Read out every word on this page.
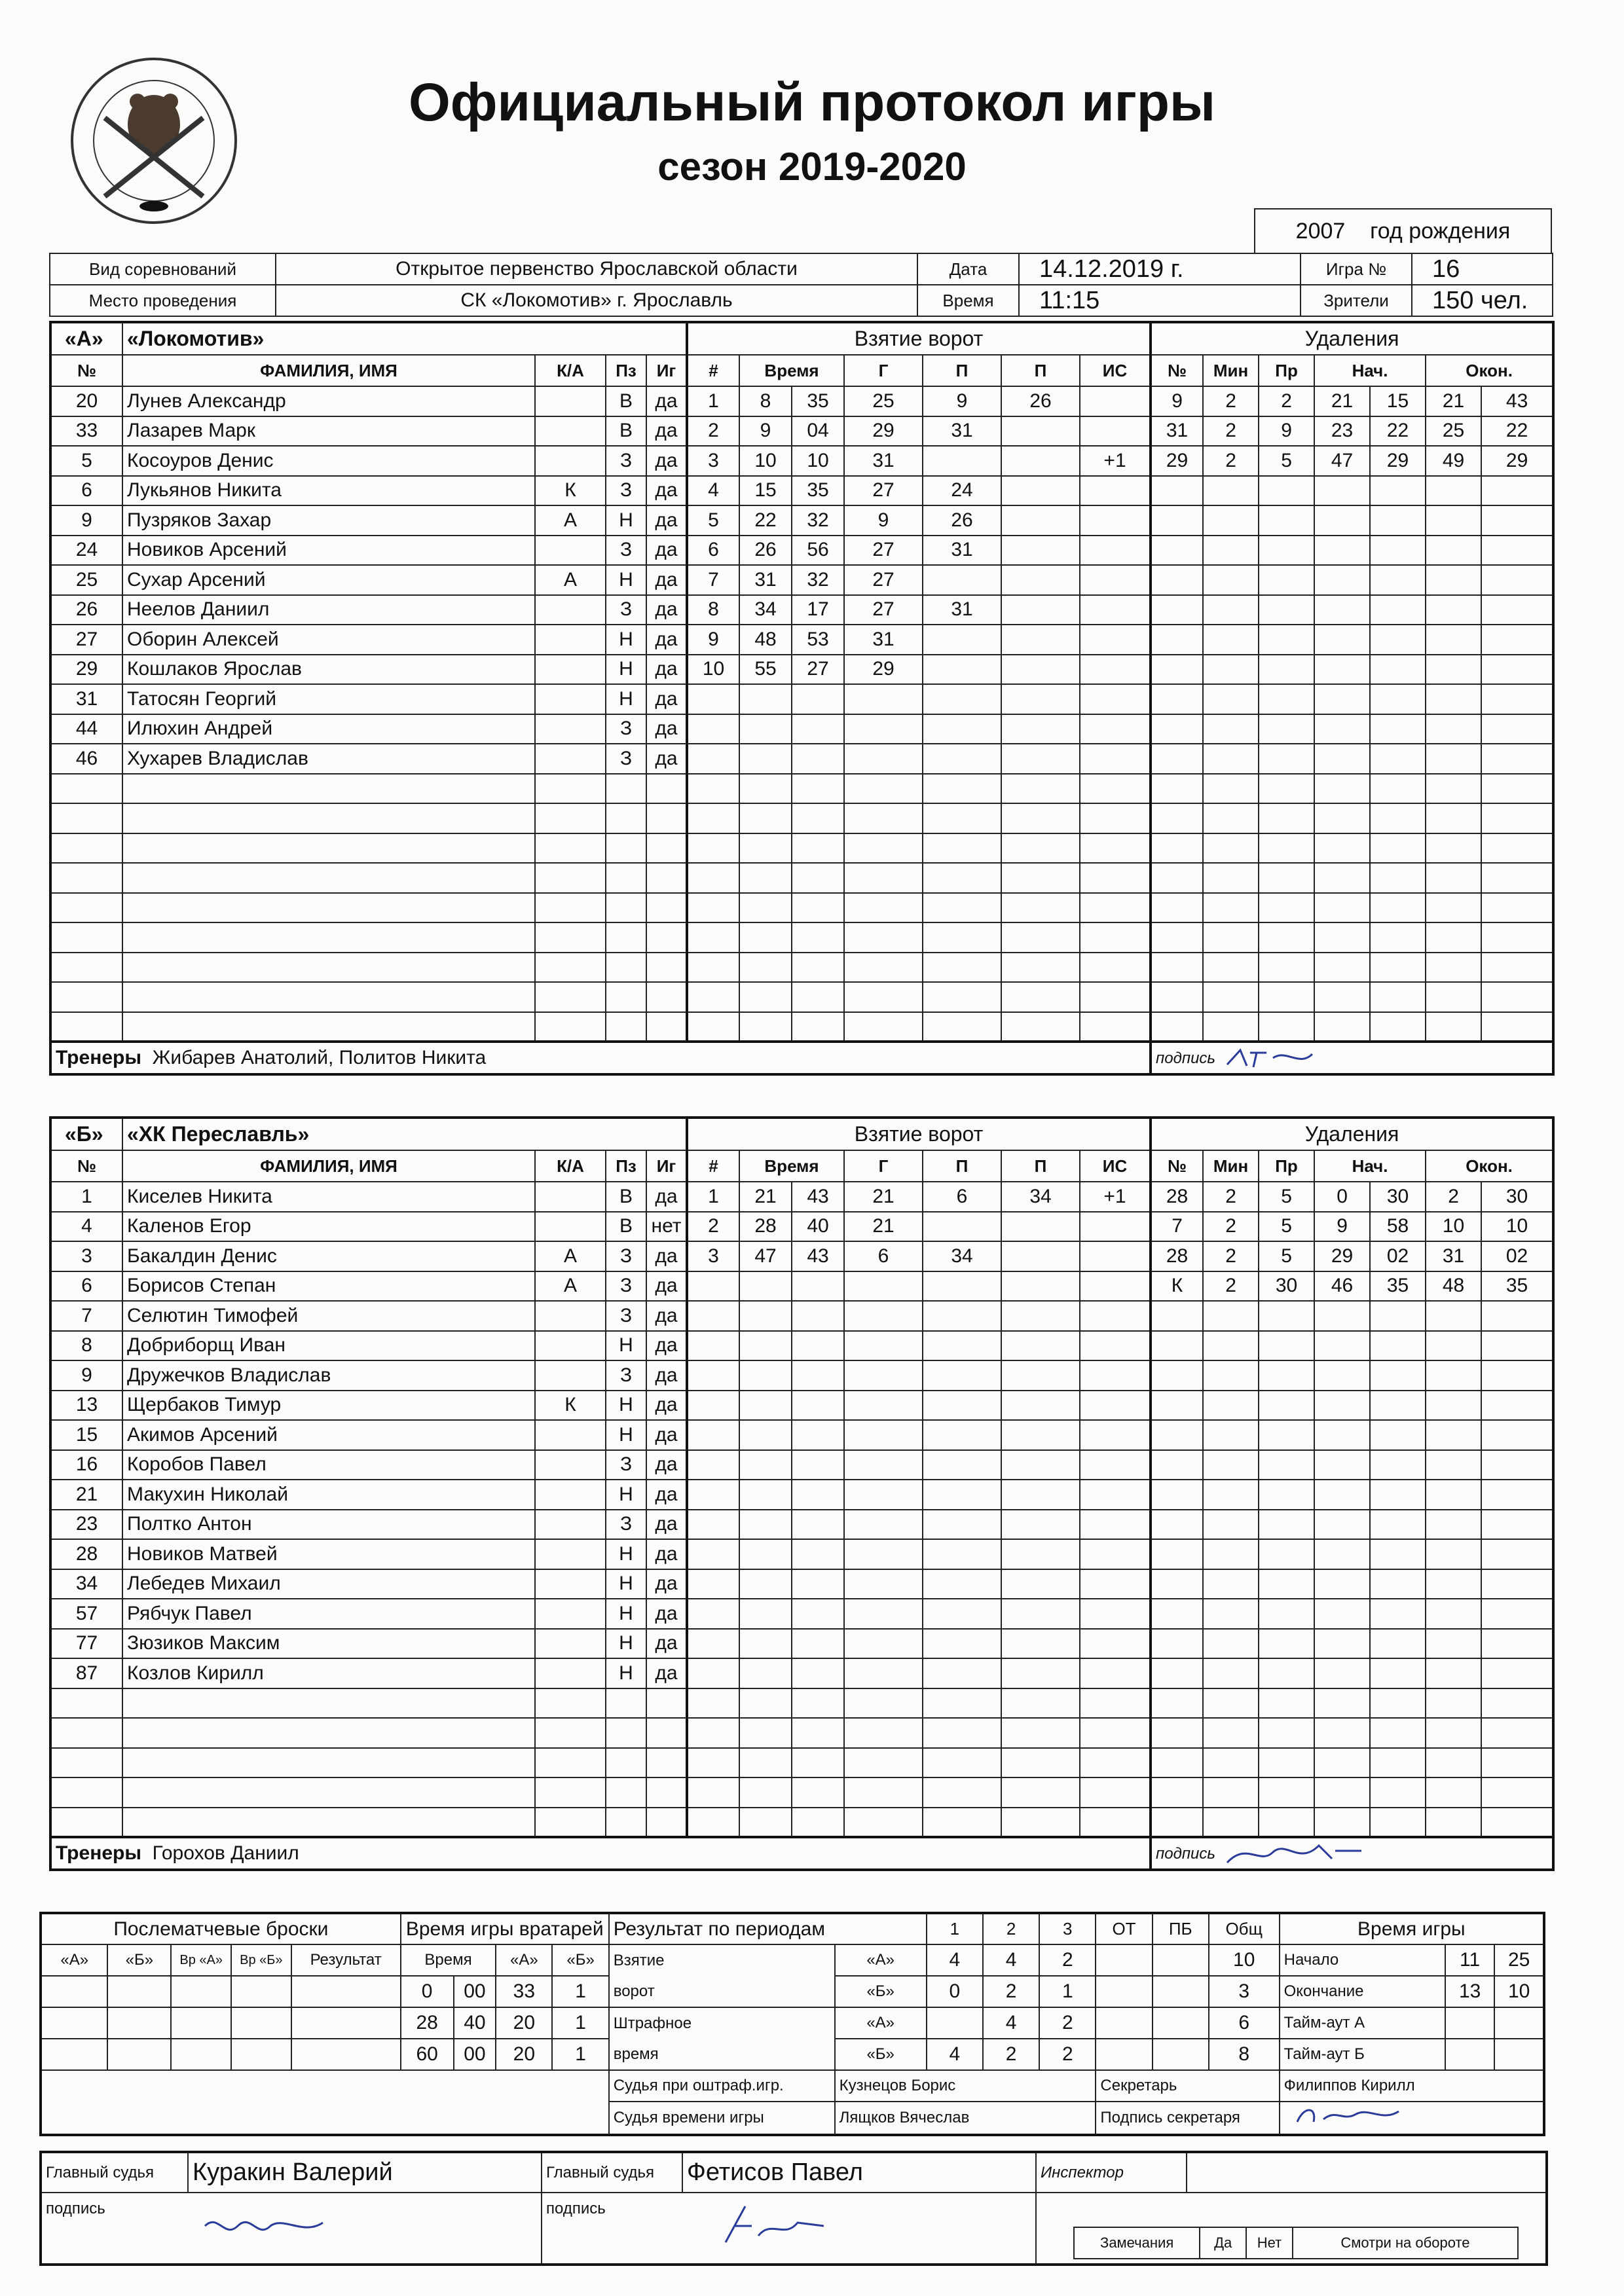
Официальный протокол игры
сезон 2019-2020
2007 год рождения
Вид соревнований	Открытое первенство Ярославской области	Дата	14.12.2019 г.	Игра №	16
Место проведения	СК «Локомотив» г. Ярославль	Время	11:15	Зрители	150 чел.
«А»	«Локомотив»				Взятие ворот							Удаления						
№	ФАМИЛИЯ, ИМЯ	К/А	Пз	Иг	#	Время		Г	П	П	ИС	№	Мин	Пр	Нач.		Окон.	
20	Лунев Александр		В	да	1	8	35	25	9	26		9	2	2	21	15	21	43
33	Лазарев Марк		В	да	2	9	04	29	31			31	2	9	23	22	25	22
5	Косоуров Денис		З	да	3	10	10	31			+1	29	2	5	47	29	49	29
6	Лукьянов Никита	К	З	да	4	15	35	27	24									
9	Пузряков Захар	А	Н	да	5	22	32	9	26									
24	Новиков Арсений		З	да	6	26	56	27	31									
25	Сухар Арсений	А	Н	да	7	31	32	27										
26	Неелов Даниил		З	да	8	34	17	27	31									
27	Оборин Алексей		Н	да	9	48	53	31										
29	Кошлаков Ярослав		Н	да	10	55	27	29										
31	Татосян Георгий		Н	да														
44	Илюхин Андрей		З	да														
46	Хухарев Владислав		З	да														

Тренеры Жибарев Анатолий, Политов Никита												подпись						
«Б»	«ХК Переславль»				Взятие ворот							Удаления						
№	ФАМИЛИЯ, ИМЯ	К/А	Пз	Иг	#	Время		Г	П	П	ИС	№	Мин	Пр	Нач.		Окон.	
1	Киселев Никита		В	да	1	21	43	21	6	34	+1	28	2	5	0	30	2	30
4	Каленов Егор		В	нет	2	28	40	21				7	2	5	9	58	10	10
3	Бакалдин Денис	А	З	да	3	47	43	6	34			28	2	5	29	02	31	02
6	Борисов Степан	А	З	да								К	2	30	46	35	48	35
7	Селютин Тимофей		З	да														
8	Добриборщ Иван		Н	да														
9	Дружечков Владислав		З	да														
13	Щербаков Тимур	К	Н	да														
15	Акимов Арсений		Н	да														
16	Коробов Павел		З	да														
21	Макухин Николай		Н	да														
23	Полтко Антон		З	да														
28	Новиков Матвей		Н	да														
34	Лебедев Михаил		Н	да														
57	Рябчук Павел		Н	да														
77	Зюзиков Максим		Н	да														
87	Козлов Кирилл		Н	да														

Тренеры Горохов Даниил												подпись						
Послематчевые броски					Время игры вратарей				Результат по периодам		1	2	3	ОТ	ПБ	Общ	Время игры		
«А»	«Б»	Вр «А»	Вр «Б»	Результат	Время		«А»	«Б»	Взятие	«А»	4	4	2			10	Начало	11	25
					0	00	33	1	ворот	«Б»	0	2	1			3	Окончание	13	10
					28	40	20	1	Штрафное	«А»		4	2			6	Тайм-аут А		
					60	00	20	1	время	«Б»	4	2	2			8	Тайм-аут Б		
									Судья при оштраф.игр.	Кузнецов Борис				Секретарь			Филиппов Кирилл		
									Судья времени игры	Лящков Вячеслав				Подпись секретаря	
Главный судья	Куракин Валерий	Главный судья	Фетисов Павел	Инспектор	
подпись		подпись		
Замечания	Да	Нет	Смотри на обороте
